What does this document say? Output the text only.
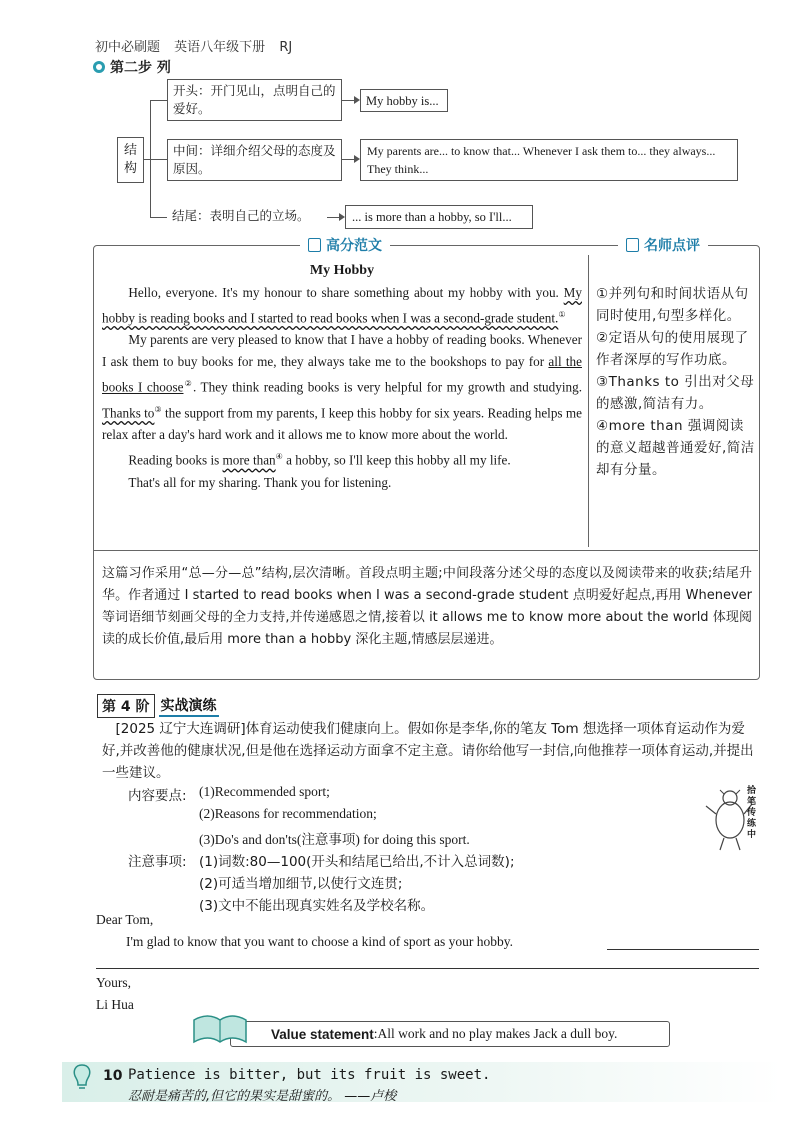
初中必刷题 英语八年级下册 RJ
第二步 列
结
构
开头：开门见山，点明自己的爱好。	My hobby is...
中间：详细介绍父母的态度及原因。
My parents are... to know that... Whenever I ask them to... they always... They think...
结尾：表明自己的立场。	... is more than a hobby, so I'll...
高分范文	名师点评

My Hobby

Hello, everyone. It's my honour to share something about my hobby with you. My hobby is reading books and I started to read books when I was a second-grade student.①

My parents are very pleased to know that I have a hobby of reading books. Whenever I ask them to buy books for me, they always take me to the bookshops to pay for all the books I choose②. They think reading books is very helpful for my growth and studying. Thanks to③ the support from my parents, I keep this hobby for six years. Reading helps me relax after a day's hard work and it allows me to know more about the world.

Reading books is more than④ a hobby, so I'll keep this hobby all my life.

That's all for my sharing. Thank you for listening.

①并列句和时间状语从句同时使用,句型多样化。
②定语从句的使用展现了作者深厚的写作功底。
③Thanks to 引出对父母的感激,简洁有力。
④more than 强调阅读的意义超越普通爱好,简洁却有分量。
这篇习作采用“总—分—总”结构,层次清晰。首段点明主题;中间段落分述父母的态度以及阅读带来的收获;结尾升华。作者通过 I started to read books when I was a second-grade student 点明爱好起点,再用 Whenever 等词语细节刻画父母的全力支持,并传递感恩之情,接着以 it allows me to know more about the world 体现阅读的成长价值,最后用 more than a hobby 深化主题,情感层层递进。
第 4 阶 实战演练
[2025 辽宁大连调研]体育运动使我们健康向上。假如你是李华,你的笔友 Tom 想选择一项体育运动作为爱好,并改善他的健康状况,但是他在选择运动方面拿不定主意。请你给他写一封信,向他推荐一项体育运动,并提出一些建议。
内容要点: (1)Recommended sport;
(2)Reasons for recommendation;
(3)Do's and don'ts(注意事项) for doing this sport.
注意事项: (1)词数:80—100(开头和结尾已给出,不计入总词数);
(2)可适当增加细节,以使行文连贯;
(3)文中不能出现真实姓名及学校名称。
拾笔传练中
Dear Tom,
I'm glad to know that you want to choose a kind of sport as your hobby.
Yours,
Li Hua
Value statement :All work and no play makes Jack a dull boy.
10 Patience is bitter, but its fruit is sweet.
忍耐是痛苦的,但它的果实是甜蜜的。 ——卢梭
